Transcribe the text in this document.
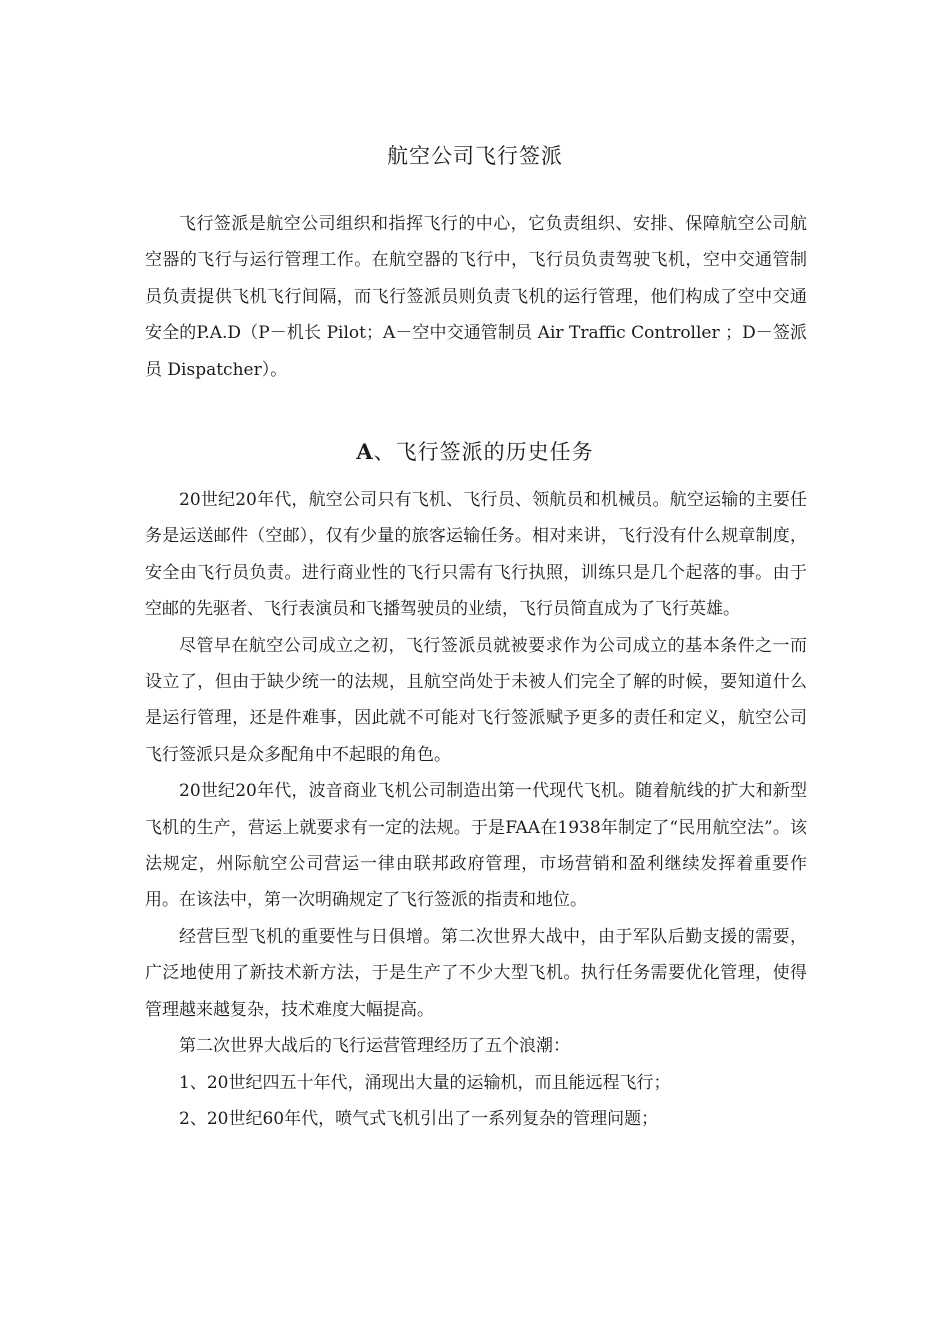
航空公司飞行签派

飞行签派是航空公司组织和指挥飞行的中心，它负责组织、安排、保障航空公司航空器的飞行与运行管理工作。在航空器的飞行中，飞行员负责驾驶飞机，空中交通管制员负责提供飞机飞行间隔，而飞行签派员则负责飞机的运行管理，他们构成了空中交通安全的P.A.D（P－机长 Pilot；A－空中交通管制员 Air Traffic Controller ；D－签派员 Dispatcher）。

A、飞行签派的历史任务

20世纪20年代，航空公司只有飞机、飞行员、领航员和机械员。航空运输的主要任务是运送邮件（空邮），仅有少量的旅客运输任务。相对来讲，飞行没有什么规章制度，安全由飞行员负责。进行商业性的飞行只需有飞行执照，训练只是几个起落的事。由于空邮的先驱者、飞行表演员和飞播驾驶员的业绩，飞行员简直成为了飞行英雄。

尽管早在航空公司成立之初，飞行签派员就被要求作为公司成立的基本条件之一而设立了，但由于缺少统一的法规，且航空尚处于未被人们完全了解的时候，要知道什么是运行管理，还是件难事，因此就不可能对飞行签派赋予更多的责任和定义，航空公司飞行签派只是众多配角中不起眼的角色。

20世纪20年代，波音商业飞机公司制造出第一代现代飞机。随着航线的扩大和新型飞机的生产，营运上就要求有一定的法规。于是FAA在1938年制定了“民用航空法”。该法规定，州际航空公司营运一律由联邦政府管理，市场营销和盈利继续发挥着重要作用。在该法中，第一次明确规定了飞行签派的指责和地位。

经营巨型飞机的重要性与日俱增。第二次世界大战中，由于军队后勤支援的需要，广泛地使用了新技术新方法，于是生产了不少大型飞机。执行任务需要优化管理，使得管理越来越复杂，技术难度大幅提高。

第二次世界大战后的飞行运营管理经历了五个浪潮：

1、20世纪四五十年代，涌现出大量的运输机，而且能远程飞行；

2、20世纪60年代，喷气式飞机引出了一系列复杂的管理问题；
